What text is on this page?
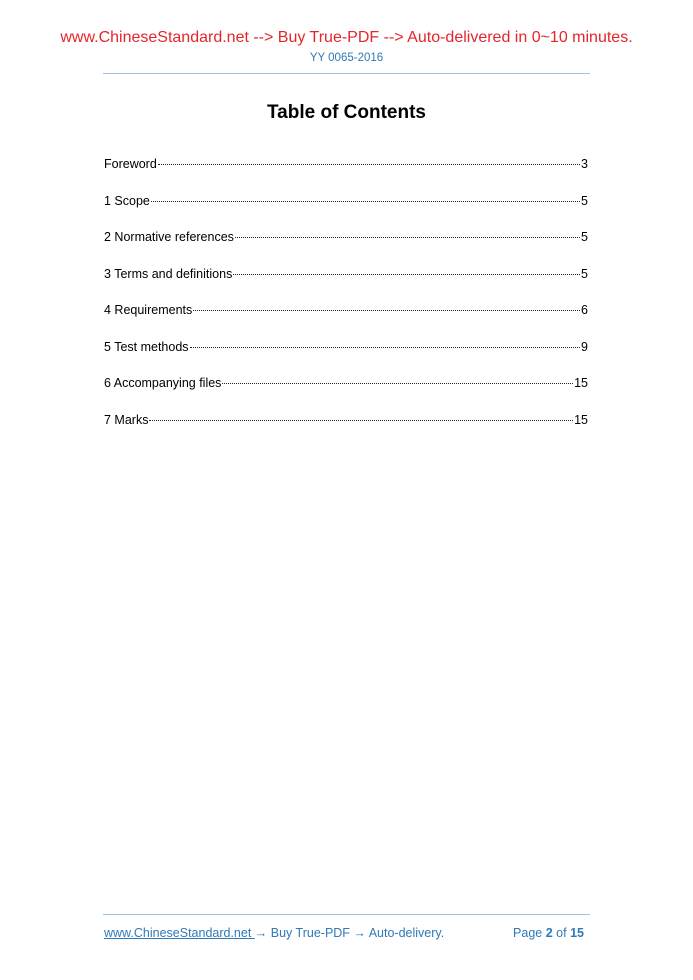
www.ChineseStandard.net --> Buy True-PDF --> Auto-delivered in 0~10 minutes.
YY 0065-2016
Table of Contents
Foreword	3
1 Scope	5
2 Normative references	5
3 Terms and definitions	5
4 Requirements	6
5 Test methods	9
6 Accompanying files	15
7 Marks	15
www.ChineseStandard.net → Buy True-PDF → Auto-delivery.	Page 2 of 15
